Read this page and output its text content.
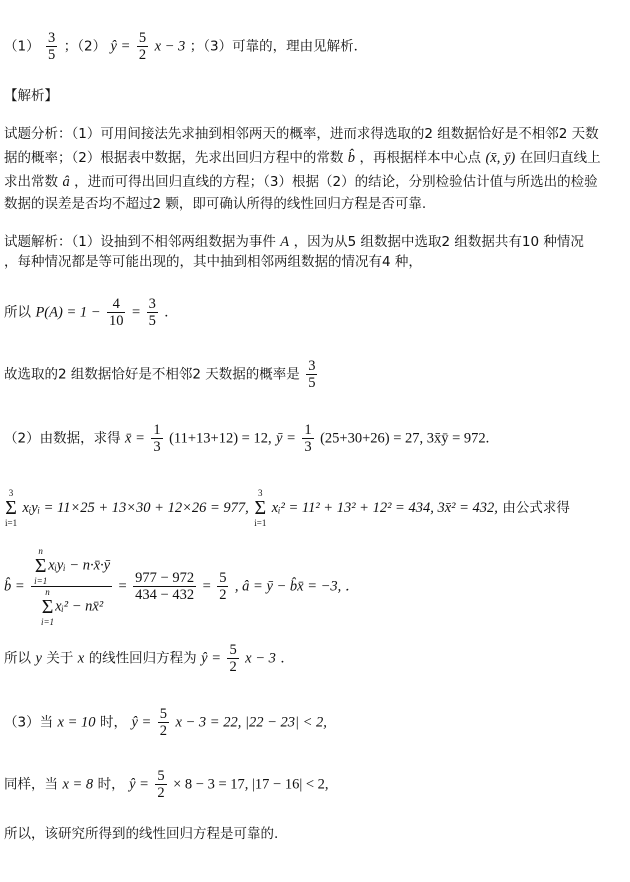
$(1) \frac{3}{5}$ ；（2） ŷ = $\frac{5}{2}$ x − 3 ；（3）可靠的，理由见解析．
【解析】
试题分析：（1）可用间接法先求抽到相邻两天的概率，进而求得选取的2 组数据恰好是不相邻2 天数
据的概率；（2）根据表中数据，先求出回归方程中的常数 b̂ ，再根据样本中心点 (x̄, ȳ) 在回归直线上
求出常数 â ，进而可得出回归直线的方程；（3）根据（2）的结论，分别检验估计值与所选出的检验
数据的误差是否均不超过2 颗，即可确认所得的线性回归方程是否可靠.
试题解析：（1）设抽到不相邻两组数据为事件 A ，因为从5 组数据中选取2 组数据共有10 种情况
，每种情况都是等可能出现的，其中抽到相邻两组数据的情况有4 种，
所以 $P(A) = 1 - \frac{4}{10} = \frac{3}{5}$ ．
故选取的2 组数据恰好是不相邻2 天数据的概率是 $\frac{3}{5}$
（2）由数据，求得 x̄ = $\frac{1}{3} (11+13+12) = 12$, ȳ = $\frac{1}{3} (25+30+26) = 27$, 3x̄ȳ = 972.
3
Σ
i=1
xᵢyᵢ = 11×25 + 13×30 + 12×26 = 977,
3
Σ
i=1
xᵢ² = 11² + 13² + 12² = 434, 3x̄² = 432, 由公式求得
b̂ = n
Σ
i=1
xᵢyᵢ − n·x̄·ȳ
n
Σ
i=1
xᵢ² − nx̄² = $\frac{977 - 972}{434 - 432} = \frac{5}{2}$ , â = ȳ − b̂x̄ = −3, ．
所以 y 关于 x 的线性回归方程为 ŷ = $\frac{5}{2}$ x − 3 ．
（3）当 x = 10 时， ŷ = $\frac{5}{2}$ x − 3 = 22, |22 − 23| < 2,
同样，当 x = 8 时， ŷ = $\frac{5}{2} \times 8 - 3 = 17$, |17 − 16| < 2,
所以，该研究所得到的线性回归方程是可靠的.
